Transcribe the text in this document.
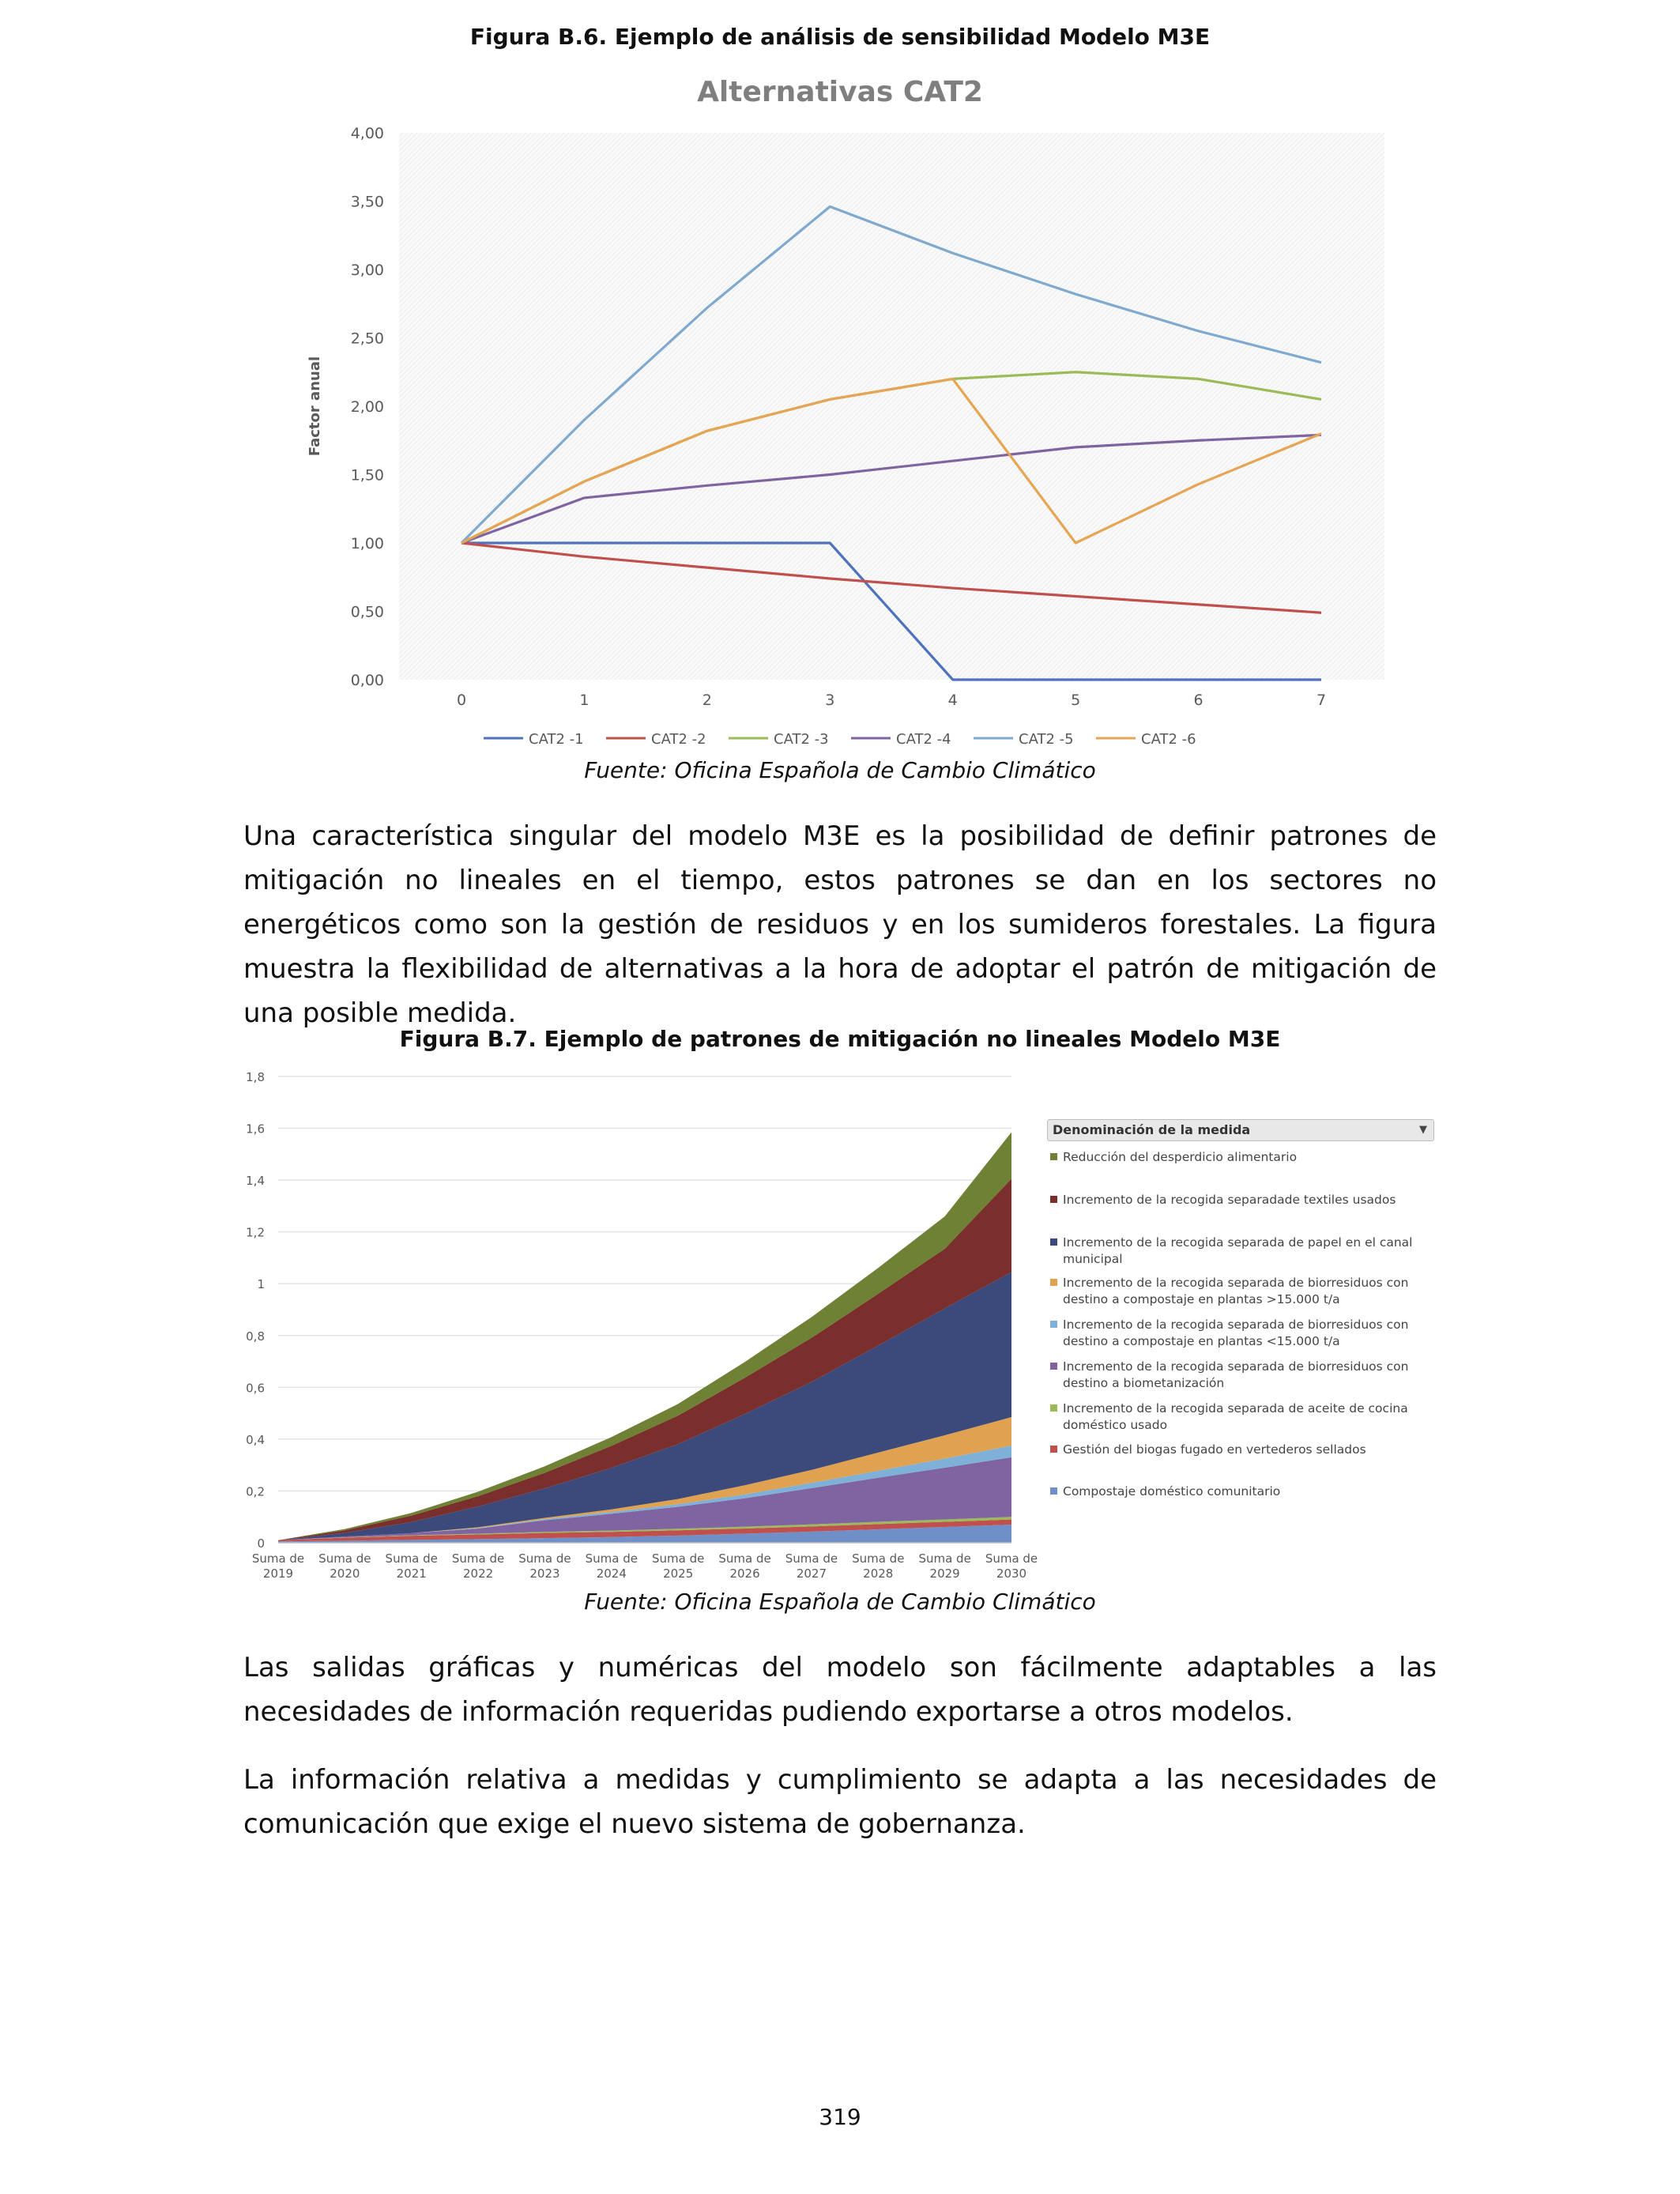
Figura B.6. Ejemplo de análisis de sensibilidad Modelo M3E
Alternativas CAT2
Factor anual
0,00
0,50
1,00
1,50
2,00
2,50
3,00
3,50
4,00
0	1	2	3	4	5	6	7
CAT2 -1	CAT2 -2	CAT2 -3	CAT2 -4	CAT2 -5	CAT2 -6
Fuente: Oficina Española de Cambio Climático
Una característica singular del modelo M3E es la posibilidad de definir patrones de mitigación no lineales en el tiempo, estos patrones se dan en los sectores no energéticos como son la gestión de residuos y en los sumideros forestales. La figura muestra la flexibilidad de alternativas a la hora de adoptar el patrón de mitigación de una posible medida.
Figura B.7. Ejemplo de patrones de mitigación no lineales Modelo M3E
0
0,2
0,4
0,6
0,8
1
1,2
1,4
1,6
1,8
Suma de 2019
Suma de 2020
Suma de 2021
Suma de 2022
Suma de 2023
Suma de 2024
Suma de 2025
Suma de 2026
Suma de 2027
Suma de 2028
Suma de 2029
Suma de 2030
Denominación de la medida	▼
Reducción del desperdicio alimentario
Incremento de la recogida separadade textiles usados
Incremento de la recogida separada de papel en el canal municipal
Incremento de la recogida separada de biorresiduos con destino a compostaje en plantas >15.000 t/a
Incremento de la recogida separada de biorresiduos con destino a compostaje en plantas <15.000 t/a
Incremento de la recogida separada de biorresiduos con destino a biometanización
Incremento de la recogida separada de aceite de cocina doméstico usado
Gestión del biogas fugado en vertederos sellados
Compostaje doméstico comunitario
Fuente: Oficina Española de Cambio Climático
Las salidas gráficas y numéricas del modelo son fácilmente adaptables a las necesidades de información requeridas pudiendo exportarse a otros modelos.
La información relativa a medidas y cumplimiento se adapta a las necesidades de comunicación que exige el nuevo sistema de gobernanza.
319
